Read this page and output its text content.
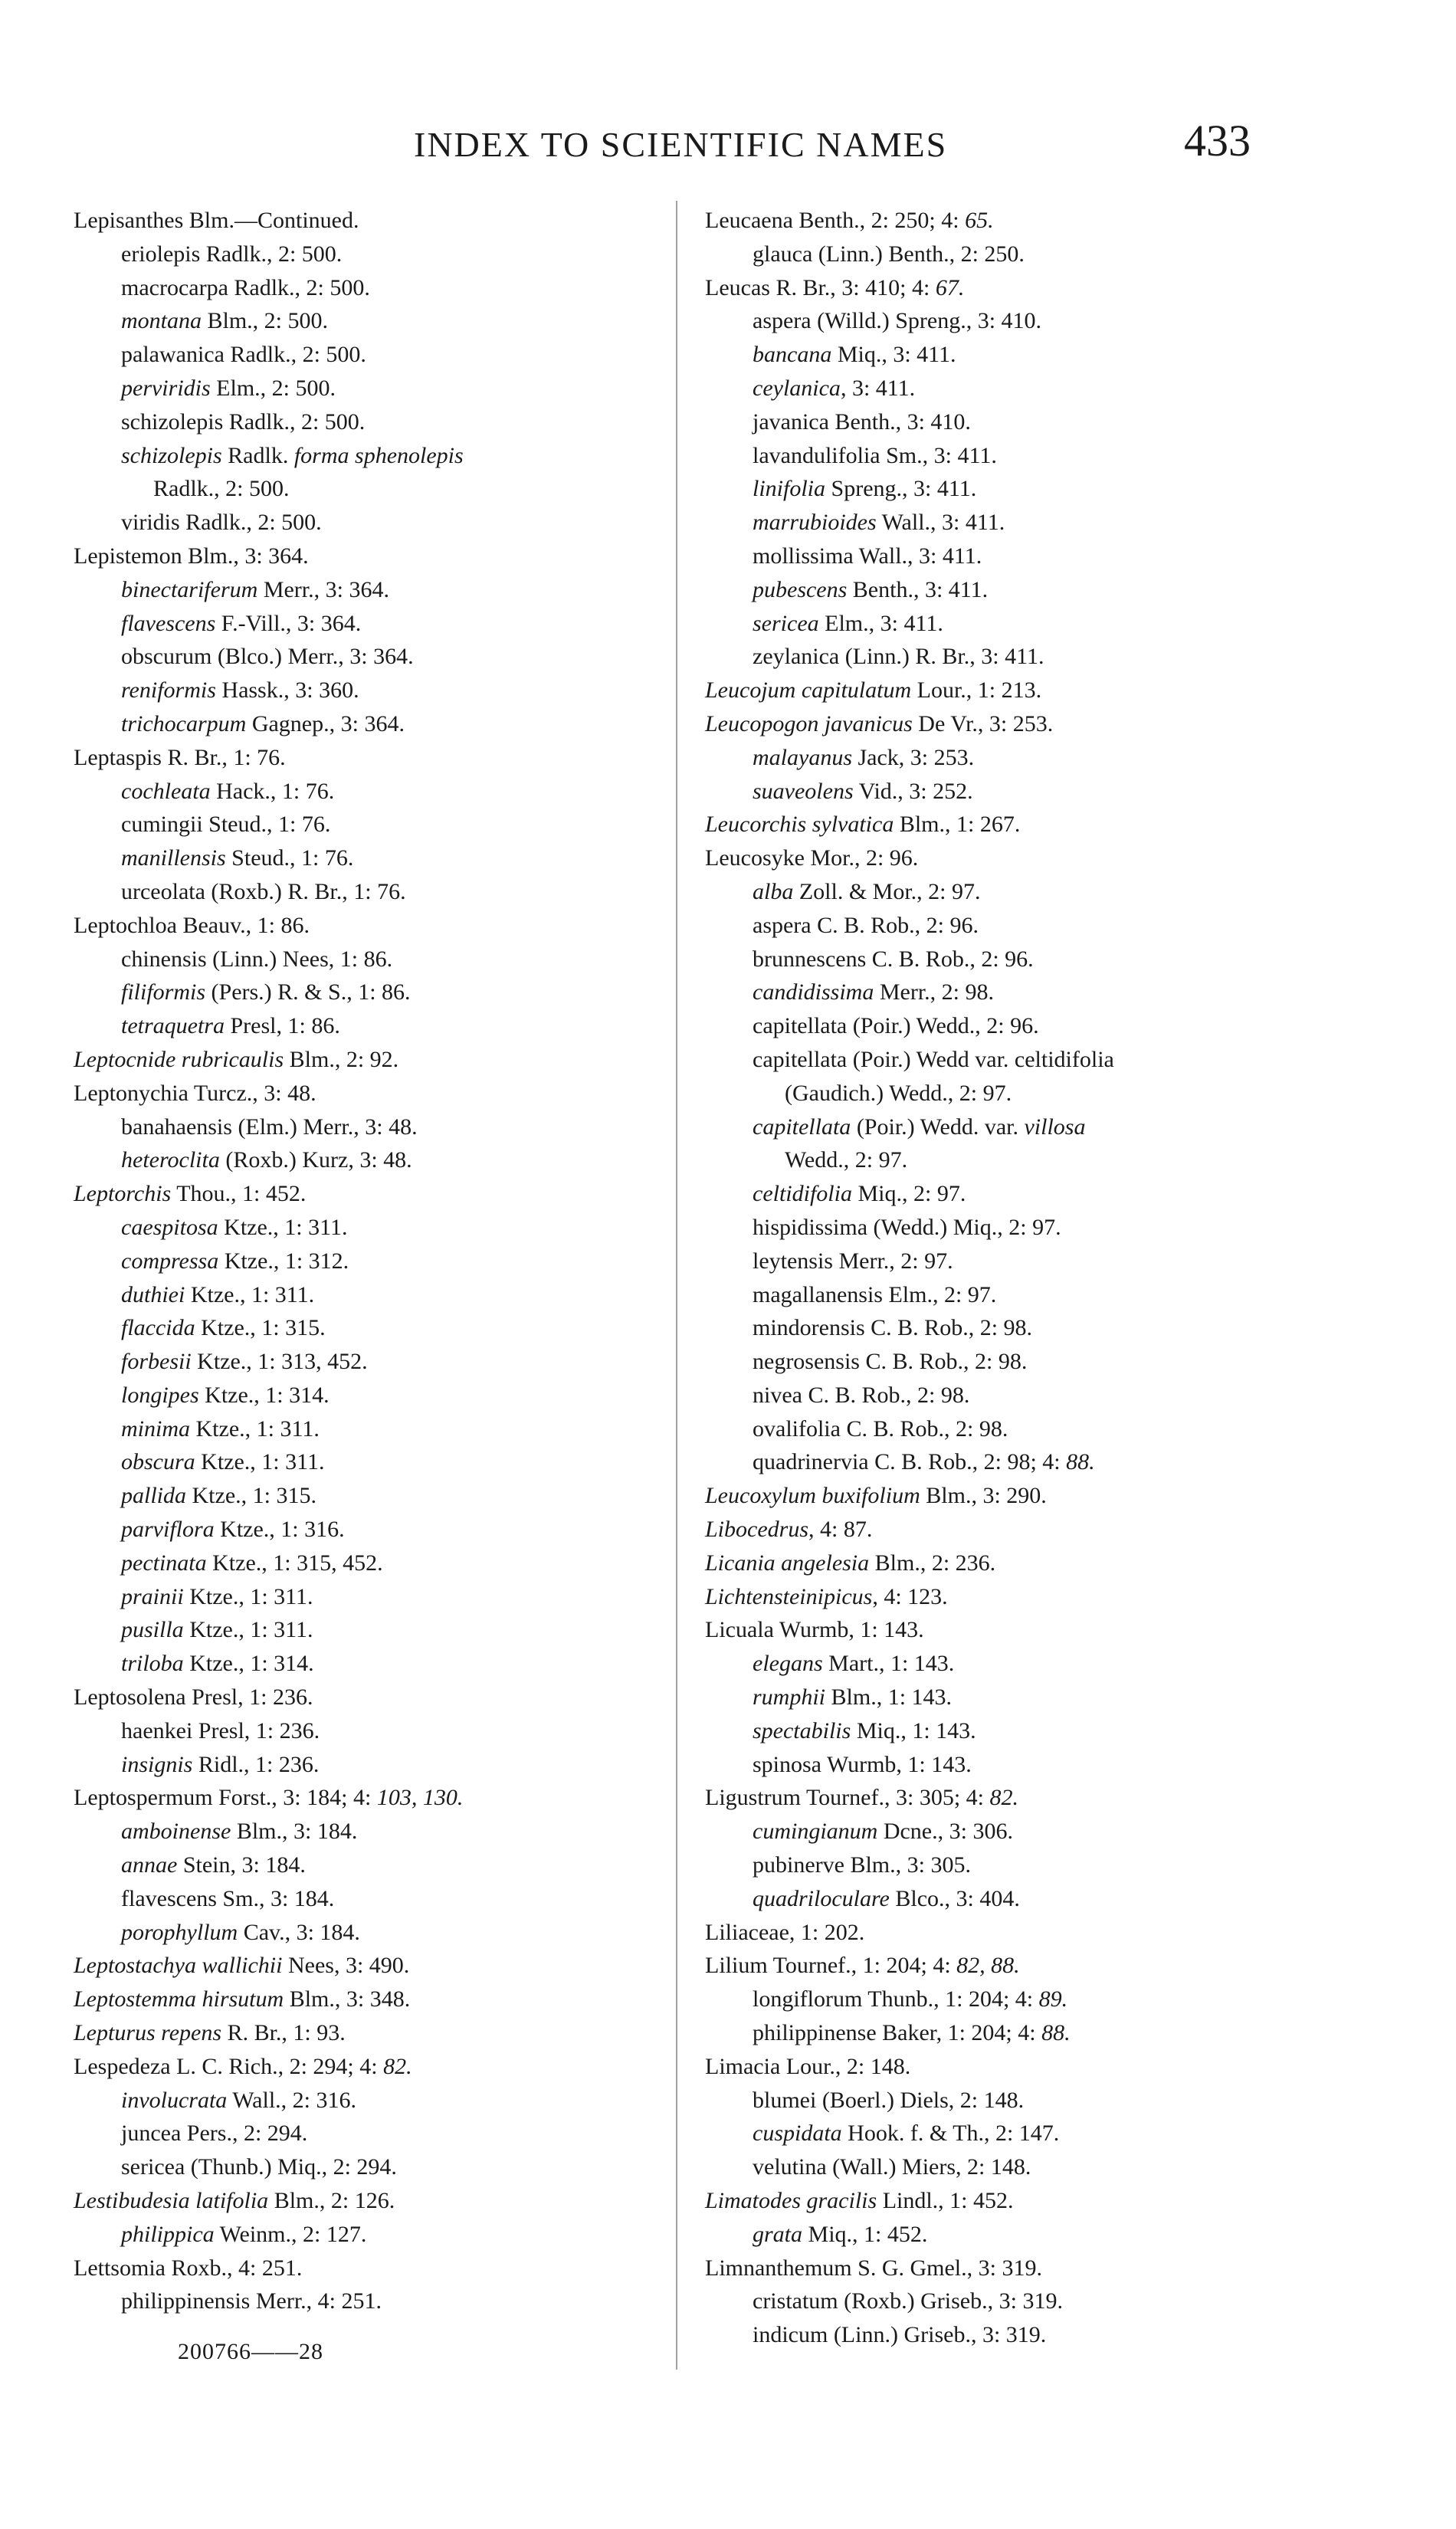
INDEX TO SCIENTIFIC NAMES	433
Lepisanthes Blm.—Continued.
eriolepis Radlk., 2: 500.
macrocarpa Radlk., 2: 500.
montana Blm., 2: 500.
palawanica Radlk., 2: 500.
perviridis Elm., 2: 500.
schizolepis Radlk., 2: 500.
schizolepis Radlk. forma sphenolepis
Radlk., 2: 500.
viridis Radlk., 2: 500.
Lepistemon Blm., 3: 364.
binectariferum Merr., 3: 364.
flavescens F.-Vill., 3: 364.
obscurum (Blco.) Merr., 3: 364.
reniformis Hassk., 3: 360.
trichocarpum Gagnep., 3: 364.
Leptaspis R. Br., 1: 76.
cochleata Hack., 1: 76.
cumingii Steud., 1: 76.
manillensis Steud., 1: 76.
urceolata (Roxb.) R. Br., 1: 76.
Leptochloa Beauv., 1: 86.
chinensis (Linn.) Nees, 1: 86.
filiformis (Pers.) R. & S., 1: 86.
tetraquetra Presl, 1: 86.
Leptocnide rubricaulis Blm., 2: 92.
Leptonychia Turcz., 3: 48.
banahaensis (Elm.) Merr., 3: 48.
heteroclita (Roxb.) Kurz, 3: 48.
Leptorchis Thou., 1: 452.
caespitosa Ktze., 1: 311.
compressa Ktze., 1: 312.
duthiei Ktze., 1: 311.
flaccida Ktze., 1: 315.
forbesii Ktze., 1: 313, 452.
longipes Ktze., 1: 314.
minima Ktze., 1: 311.
obscura Ktze., 1: 311.
pallida Ktze., 1: 315.
parviflora Ktze., 1: 316.
pectinata Ktze., 1: 315, 452.
prainii Ktze., 1: 311.
pusilla Ktze., 1: 311.
triloba Ktze., 1: 314.
Leptosolena Presl, 1: 236.
haenkei Presl, 1: 236.
insignis Ridl., 1: 236.
Leptospermum Forst., 3: 184; 4: 103, 130.
amboinense Blm., 3: 184.
annae Stein, 3: 184.
flavescens Sm., 3: 184.
porophyllum Cav., 3: 184.
Leptostachya wallichii Nees, 3: 490.
Leptostemma hirsutum Blm., 3: 348.
Lepturus repens R. Br., 1: 93.
Lespedeza L. C. Rich., 2: 294; 4: 82.
involucrata Wall., 2: 316.
juncea Pers., 2: 294.
sericea (Thunb.) Miq., 2: 294.
Lestibudesia latifolia Blm., 2: 126.
philippica Weinm., 2: 127.
Lettsomia Roxb., 4: 251.
philippinensis Merr., 4: 251.
Leucaena Benth., 2: 250; 4: 65.
glauca (Linn.) Benth., 2: 250.
Leucas R. Br., 3: 410; 4: 67.
aspera (Willd.) Spreng., 3: 410.
bancana Miq., 3: 411.
ceylanica, 3: 411.
javanica Benth., 3: 410.
lavandulifolia Sm., 3: 411.
linifolia Spreng., 3: 411.
marrubioides Wall., 3: 411.
mollissima Wall., 3: 411.
pubescens Benth., 3: 411.
sericea Elm., 3: 411.
zeylanica (Linn.) R. Br., 3: 411.
Leucojum capitulatum Lour., 1: 213.
Leucopogon javanicus De Vr., 3: 253.
malayanus Jack, 3: 253.
suaveolens Vid., 3: 252.
Leucorchis sylvatica Blm., 1: 267.
Leucosyke Mor., 2: 96.
alba Zoll. & Mor., 2: 97.
aspera C. B. Rob., 2: 96.
brunnescens C. B. Rob., 2: 96.
candidissima Merr., 2: 98.
capitellata (Poir.) Wedd., 2: 96.
capitellata (Poir.) Wedd var. celtidifolia
(Gaudich.) Wedd., 2: 97.
capitellata (Poir.) Wedd. var. villosa
Wedd., 2: 97.
celtidifolia Miq., 2: 97.
hispidissima (Wedd.) Miq., 2: 97.
leytensis Merr., 2: 97.
magallanensis Elm., 2: 97.
mindorensis C. B. Rob., 2: 98.
negrosensis C. B. Rob., 2: 98.
nivea C. B. Rob., 2: 98.
ovalifolia C. B. Rob., 2: 98.
quadrinervia C. B. Rob., 2: 98; 4: 88.
Leucoxylum buxifolium Blm., 3: 290.
Libocedrus, 4: 87.
Licania angelesia Blm., 2: 236.
Lichtensteinipicus, 4: 123.
Licuala Wurmb, 1: 143.
elegans Mart., 1: 143.
rumphii Blm., 1: 143.
spectabilis Miq., 1: 143.
spinosa Wurmb, 1: 143.
Ligustrum Tournef., 3: 305; 4: 82.
cumingianum Dcne., 3: 306.
pubinerve Blm., 3: 305.
quadriloculare Blco., 3: 404.
Liliaceae, 1: 202.
Lilium Tournef., 1: 204; 4: 82, 88.
longiflorum Thunb., 1: 204; 4: 89.
philippinense Baker, 1: 204; 4: 88.
Limacia Lour., 2: 148.
blumei (Boerl.) Diels, 2: 148.
cuspidata Hook. f. & Th., 2: 147.
velutina (Wall.) Miers, 2: 148.
Limatodes gracilis Lindl., 1: 452.
grata Miq., 1: 452.
Limnanthemum S. G. Gmel., 3: 319.
cristatum (Roxb.) Griseb., 3: 319.
indicum (Linn.) Griseb., 3: 319.
200766——28
